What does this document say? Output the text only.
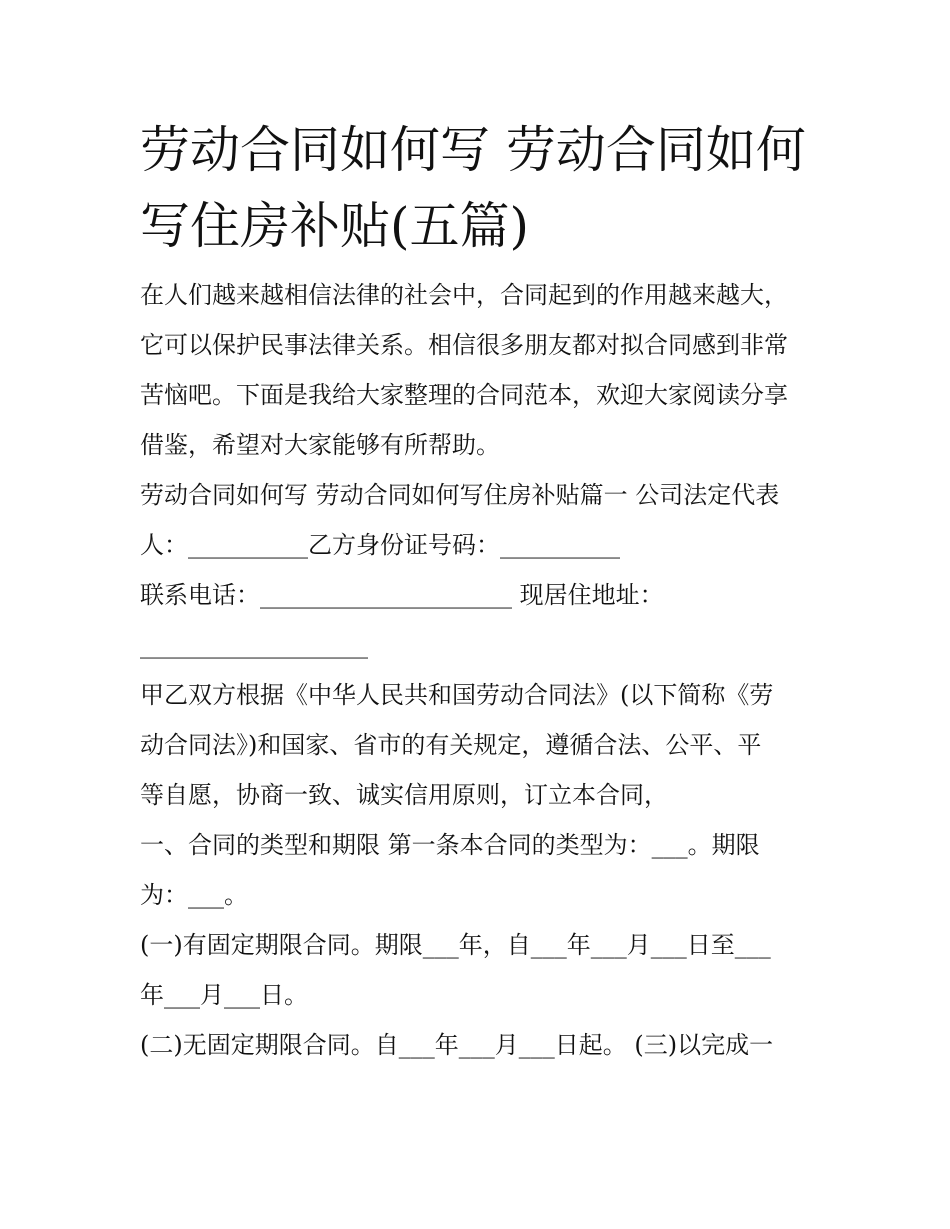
劳动合同如何写 劳动合同如何
写住房补贴(五篇)
在人们越来越相信法律的社会中，合同起到的作用越来越大，
它可以保护民事法律关系。相信很多朋友都对拟合同感到非常
苦恼吧。下面是我给大家整理的合同范本，欢迎大家阅读分享
借鉴，希望对大家能够有所帮助。
劳动合同如何写 劳动合同如何写住房补贴篇一 公司法定代表
人：__________乙方身份证号码：__________
联系电话：_____________________ 现居住地址：
___________________
甲乙双方根据《中华人民共和国劳动合同法》(以下简称《劳
动合同法》)和国家、省市的有关规定，遵循合法、公平、平
等自愿，协商一致、诚实信用原则，订立本合同，
一、合同的类型和期限 第一条本合同的类型为：___。期限
为：___。
(一)有固定期限合同。期限___年，自___年___月___日至___
年___月___日。
(二)无固定期限合同。自___年___月___日起。 (三)以完成一
